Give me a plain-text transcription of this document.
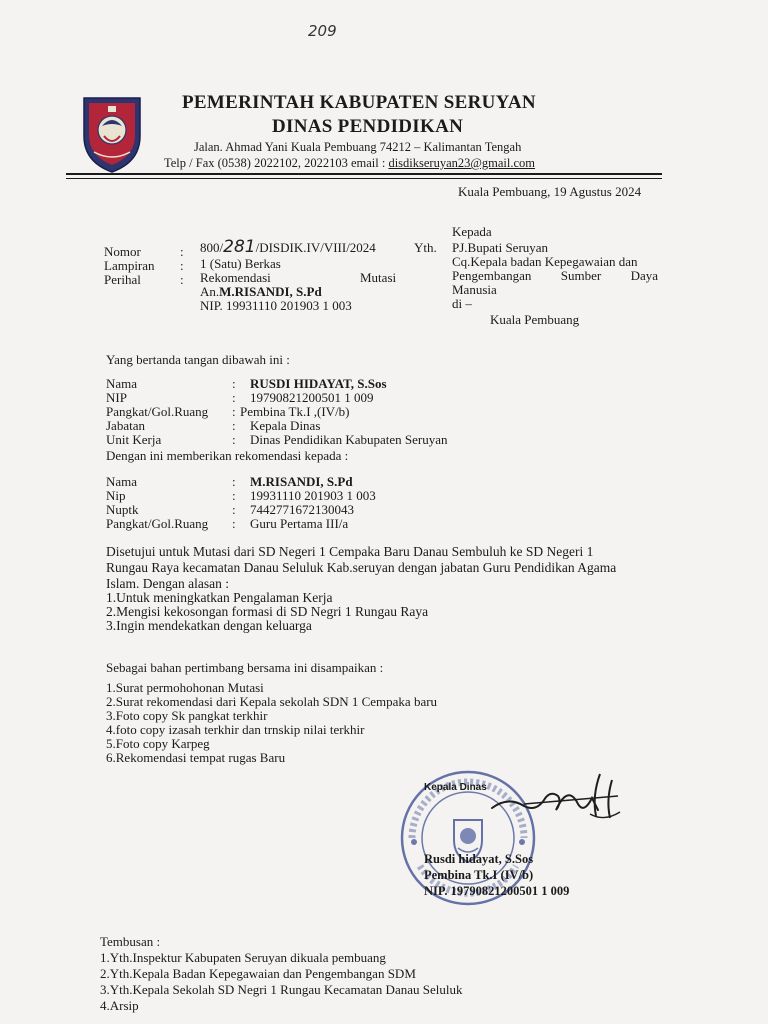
209
PEMERINTAH KABUPATEN SERUYAN
DINAS PENDIDIKAN
Jalan. Ahmad Yani Kuala Pembuang 74212 – Kalimantan Tengah
Telp / Fax (0538) 2022102, 2022103 email : disdikseruyan23@gmail.com
Kuala Pembuang, 19 Agustus 2024
Nomor	: 800/281/DISDIK.IV/VIII/2024
Lampiran : 1 (Satu) Berkas
Perihal	: Rekomendasi	Mutasi
An.M.RISANDI, S.Pd
NIP. 19931110 201903 1 003
Kepada
Yth. PJ.Bupati Seruyan
Cq.Kepala badan Kepegawaian dan
Pengembangan Sumber Daya
Manusia
di –
Kuala Pembuang
Yang bertanda tangan dibawah ini :
Nama	: RUSDI HIDAYAT, S.Sos
NIP	: 19790821200501 1 009
Pangkat/Gol.Ruang : Pembina Tk.I ,(IV/b)
Jabatan	: Kepala Dinas
Unit Kerja	: Dinas Pendidikan Kabupaten Seruyan
Dengan ini memberikan rekomendasi kepada :
Nama	: M.RISANDI, S.Pd
Nip	: 19931110 201903 1 003
Nuptk	: 7442771672130043
Pangkat/Gol.Ruang : Guru Pertama III/a
Disetujui untuk Mutasi dari SD Negeri 1 Cempaka Baru Danau Sembuluh ke SD Negeri 1
Rungau Raya kecamatan Danau Seluluk Kab.seruyan dengan jabatan Guru Pendidikan Agama
Islam. Dengan alasan :
1.Untuk meningkatkan Pengalaman Kerja
2.Mengisi kekosongan formasi di SD Negri 1 Rungau Raya
3.Ingin mendekatkan dengan keluarga
Sebagai bahan pertimbang bersama ini disampaikan :
1.Surat permohohonan Mutasi
2.Surat rekomendasi dari Kepala sekolah SDN 1 Cempaka baru
3.Foto copy Sk pangkat terkhir
4.foto copy izasah terkhir dan trnskip nilai terkhir
5.Foto copy Karpeg
6.Rekomendasi tempat rugas Baru
Kepala Dinas
Rusdi hidayat, S.Sos
Pembina Tk.I (IV/b)
NIP. 19790821200501 1 009
Tembusan :
1.Yth.Inspektur Kabupaten Seruyan dikuala pembuang
2.Yth.Kepala Badan Kepegawaian dan Pengembangan SDM
3.Yth.Kepala Sekolah SD Negri 1 Rungau Kecamatan Danau Seluluk
4.Arsip
